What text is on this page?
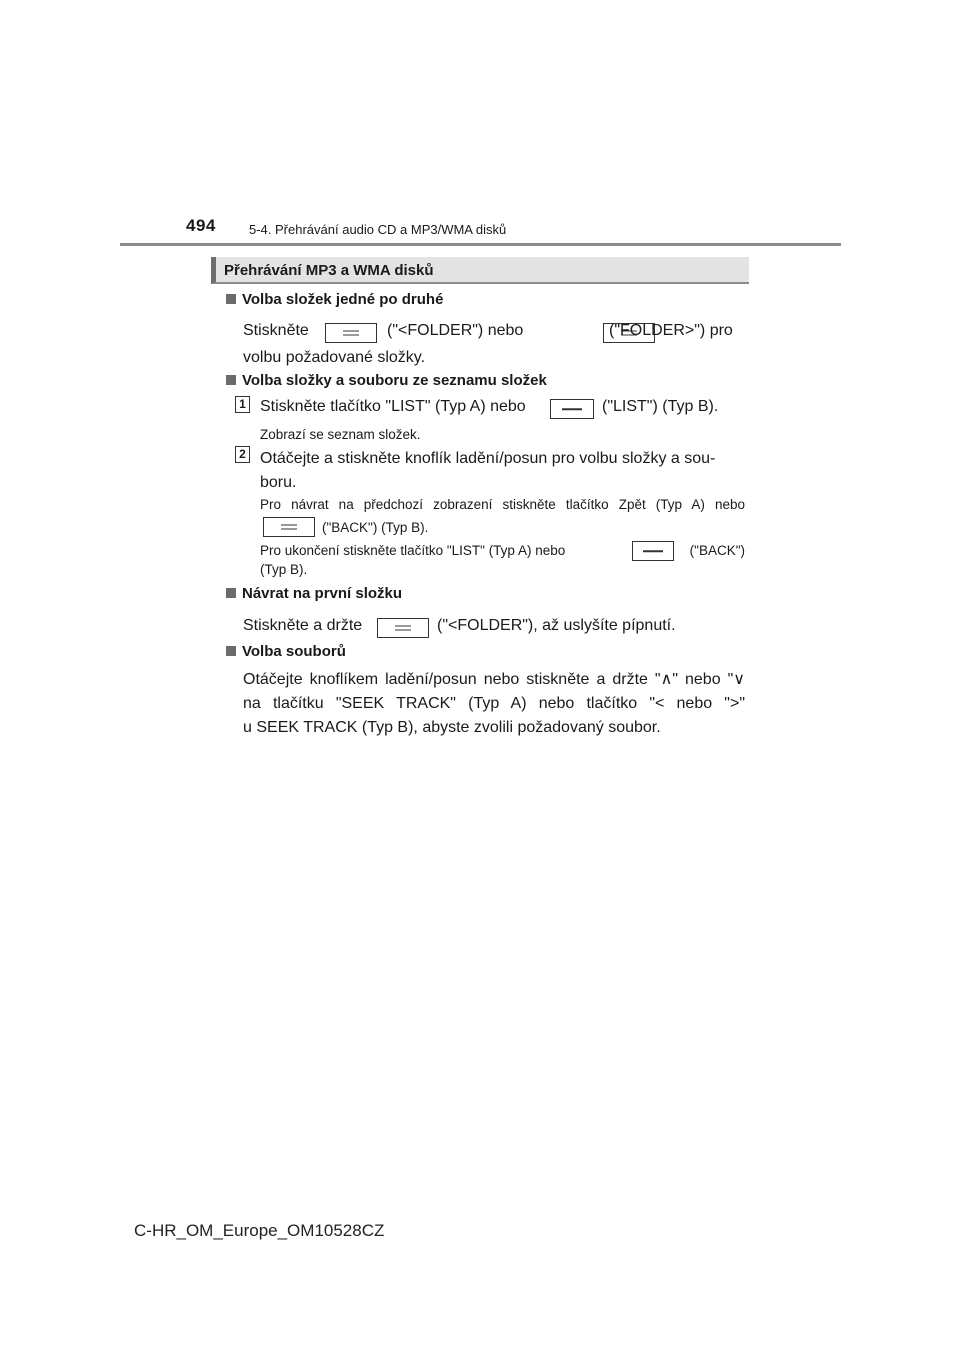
494	5-4. Přehrávání audio CD a MP3/WMA disků
Přehrávání MP3 a WMA disků
Volba složek jedné po druhé
Stiskněte
	("<FOLDER") nebo	("FOLDER>") pro
volbu požadované složky.
Volba složky a souboru ze seznamu složek
1 Stiskněte tlačítko "LIST" (Typ A) nebo	("LIST") (Typ B).
Zobrazí se seznam složek.
2 Otáčejte a stiskněte knoflík ladění/posun pro volbu složky a sou-
boru.
Pro návrat na předchozí zobrazení stiskněte tlačítko Zpět (Typ A) nebo
("BACK") (Typ B).
Pro ukončení stiskněte tlačítko "LIST" (Typ A) nebo	("BACK")
(Typ B).
Návrat na první složku
Stiskněte a držte	("<FOLDER"), až uslyšíte pípnutí.
Volba souborů
Otáčejte knoflíkem ladění/posun nebo stiskněte a držte "∧" nebo "∨
na tlačítku "SEEK TRACK" (Typ A) nebo tlačítko "< nebo ">"
u SEEK TRACK (Typ B), abyste zvolili požadovaný soubor.
C-HR_OM_Europe_OM10528CZ
